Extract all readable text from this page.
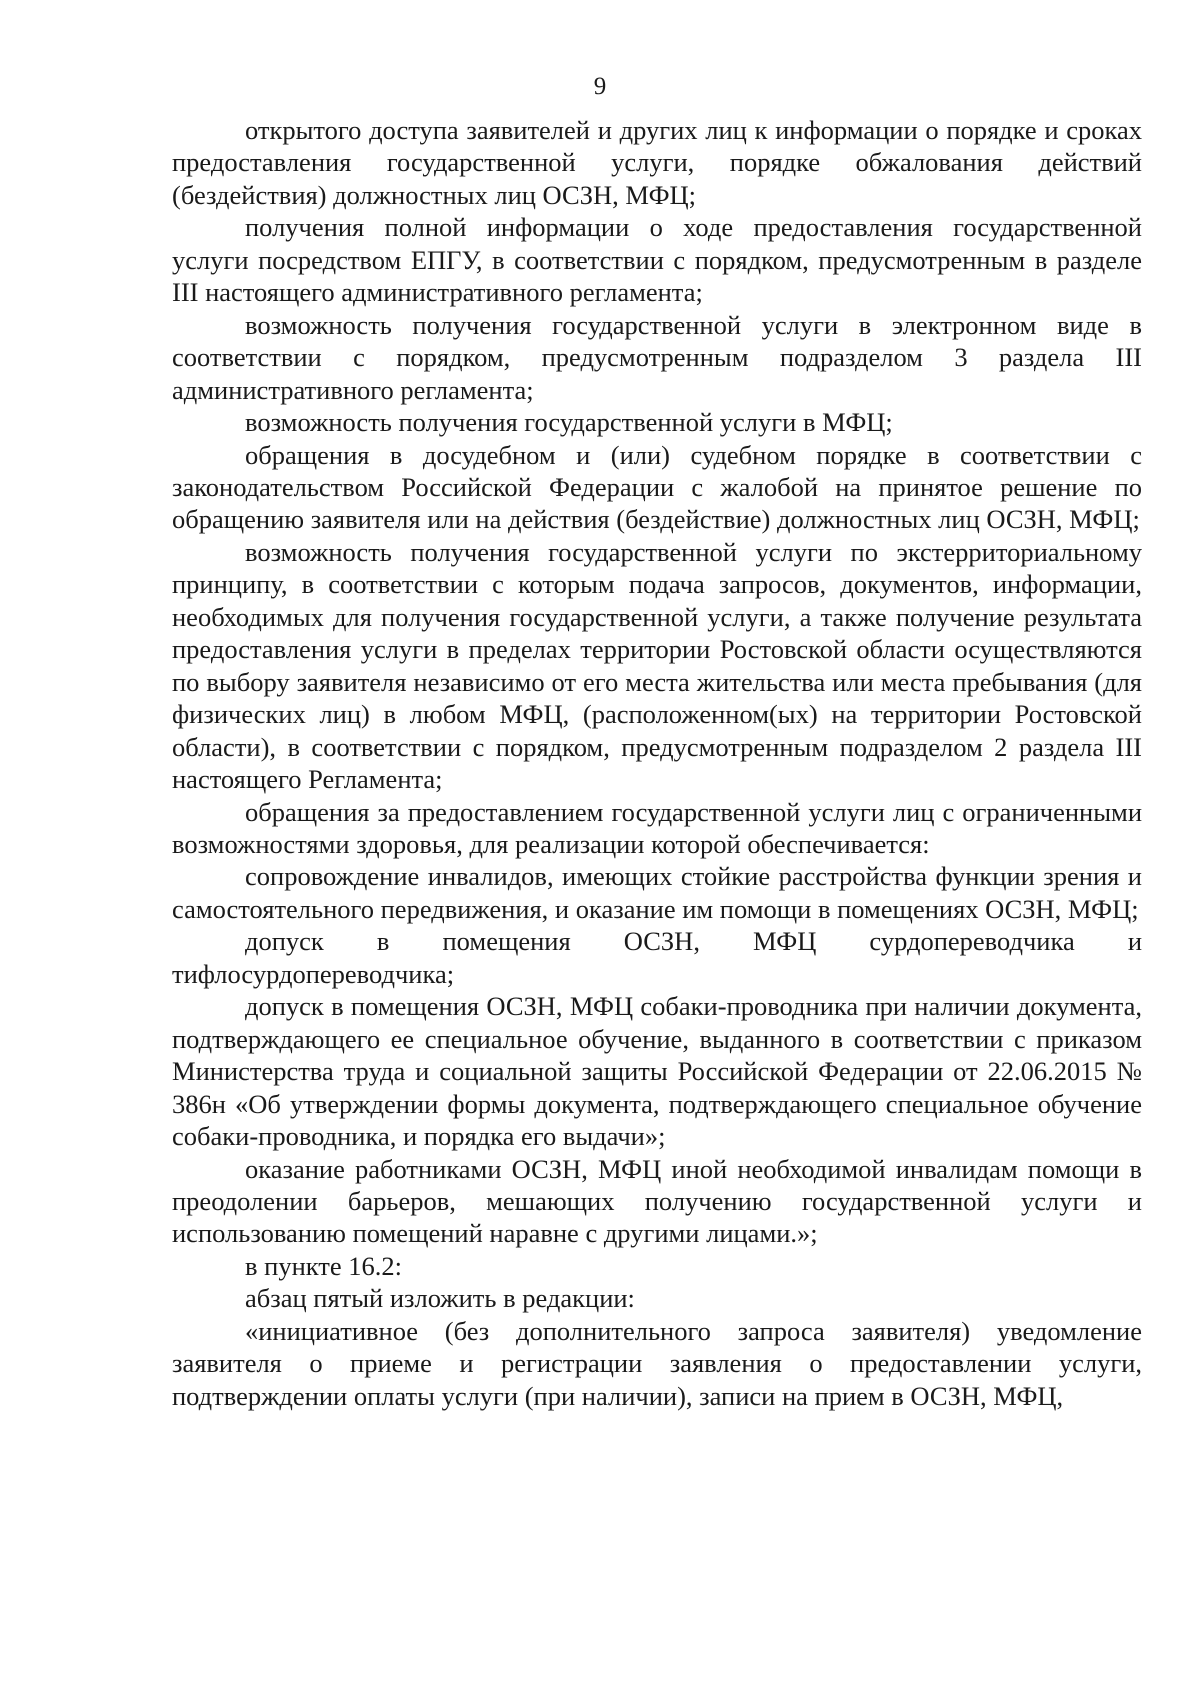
9

открытого доступа заявителей и других лиц к информации о порядке и сроках предоставления государственной услуги, порядке обжалования действий (бездействия) должностных лиц ОСЗН, МФЦ;

получения полной информации о ходе предоставления государственной услуги посредством ЕПГУ, в соответствии с порядком, предусмотренным в разделе III настоящего административного регламента;

возможность получения государственной услуги в электронном виде в соответствии с порядком, предусмотренным подразделом 3 раздела III административного регламента;

возможность получения государственной услуги в МФЦ;

обращения в досудебном и (или) судебном порядке в соответствии с законодательством Российской Федерации с жалобой на принятое решение по обращению заявителя или на действия (бездействие) должностных лиц ОСЗН, МФЦ;

возможность получения государственной услуги по экстерриториальному принципу, в соответствии с которым подача запросов, документов, информации, необходимых для получения государственной услуги, а также получение результата предоставления услуги в пределах территории Ростовской области осуществляются по выбору заявителя независимо от его места жительства или места пребывания (для физических лиц) в любом МФЦ, (расположенном(ых) на территории Ростовской области), в соответствии с порядком, предусмотренным подразделом 2 раздела III настоящего Регламента;

обращения за предоставлением государственной услуги лиц с ограниченными возможностями здоровья, для реализации которой обеспечивается:

сопровождение инвалидов, имеющих стойкие расстройства функции зрения и самостоятельного передвижения, и оказание им помощи в помещениях ОСЗН, МФЦ;

допуск в помещения ОСЗН, МФЦ сурдопереводчика и тифлосурдопереводчика;

допуск в помещения ОСЗН, МФЦ собаки-проводника при наличии документа, подтверждающего ее специальное обучение, выданного в соответствии с приказом Министерства труда и социальной защиты Российской Федерации от 22.06.2015 № 386н «Об утверждении формы документа, подтверждающего специальное обучение собаки-проводника, и порядка его выдачи»;

оказание работниками ОСЗН, МФЦ иной необходимой инвалидам помощи в преодолении барьеров, мешающих получению государственной услуги и использованию помещений наравне с другими лицами.»;

в пункте 16.2:

абзац пятый изложить в редакции:

«инициативное (без дополнительного запроса заявителя) уведомление заявителя о приеме и регистрации заявления о предоставлении услуги, подтверждении оплаты услуги (при наличии), записи на прием в ОСЗН, МФЦ,
